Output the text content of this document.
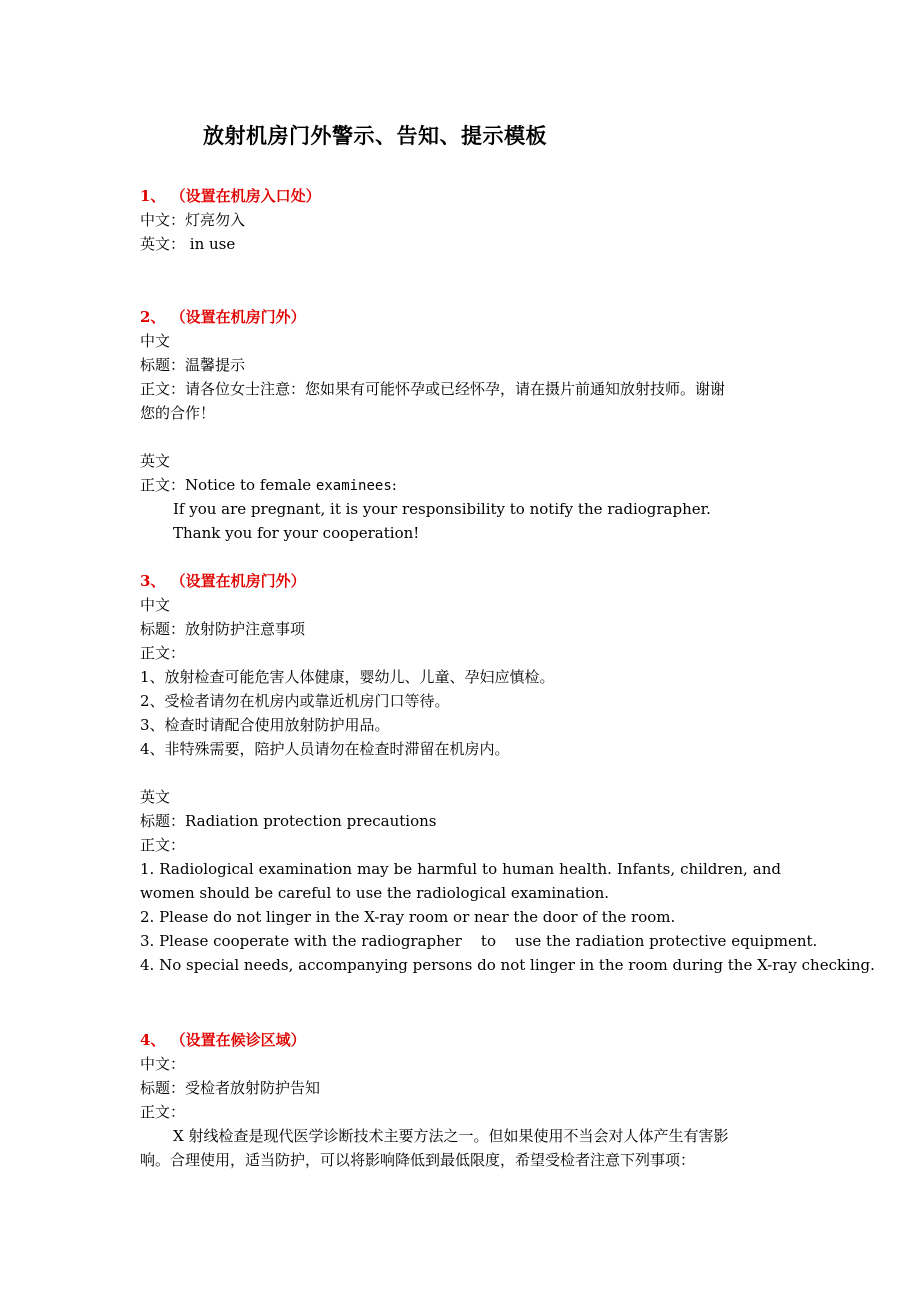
放射机房门外警示、告知、提示模板
1、 （设置在机房入口处）
中文：灯亮勿入
英文： in use
2、 （设置在机房门外）
中文
标题：温馨提示
正文：请各位女士注意：您如果有可能怀孕或已经怀孕，请在摄片前通知放射技师。谢谢
您的合作！
英文
正文：Notice to female examinees:
If you are pregnant, it is your responsibility to notify the radiographer.
Thank you for your cooperation!
3、 （设置在机房门外）
中文
标题：放射防护注意事项
正文：
1、放射检查可能危害人体健康，婴幼儿、儿童、孕妇应慎检。
2、受检者请勿在机房内或靠近机房门口等待。
3、检查时请配合使用放射防护用品。
4、非特殊需要，陪护人员请勿在检查时滞留在机房内。
英文
标题：Radiation protection precautions
正文：
1. Radiological examination may be harmful to human health. Infants, children, and
women should be careful to use the radiological examination.
2. Please do not linger in the X-ray room or near the door of the room.
3. Please cooperate with the radiographer    to    use the radiation protective equipment.
4. No special needs, accompanying persons do not linger in the room during the X-ray checking.
4、 （设置在候诊区域）
中文：
标题：受检者放射防护告知
正文：
X 射线检查是现代医学诊断技术主要方法之一。但如果使用不当会对人体产生有害影
响。合理使用，适当防护，可以将影响降低到最低限度，希望受检者注意下列事项：
